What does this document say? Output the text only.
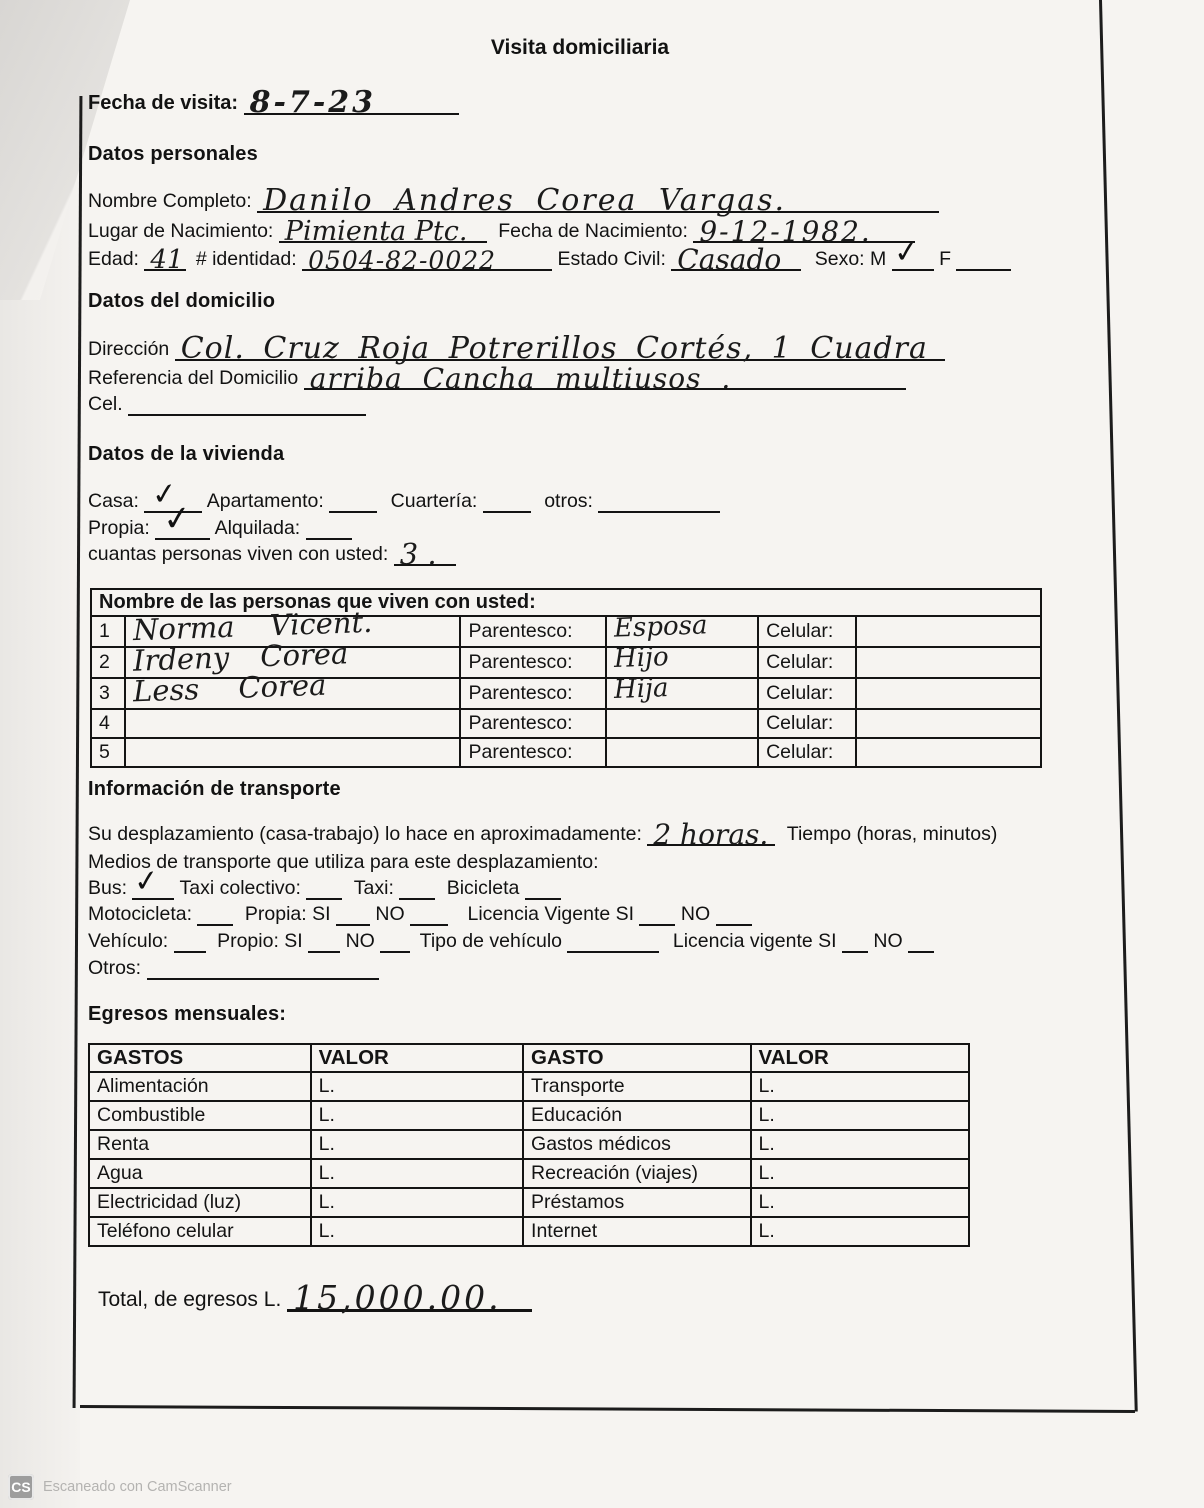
Visita domiciliaria
Fecha de visita: 8-7-23
Datos personales
Nombre Completo: Danilo Andres Corea Vargas.
Lugar de Nacimiento: Pimienta Ptc. Fecha de Nacimiento: 9-12-1982.
Edad: 41 # identidad: 0504-82-0022	Estado Civil: Casado Sexo: M ✓ F
Datos del domicilio
Dirección Col. Cruz Roja Potrerillos Cortés, 1 Cuadra
Referencia del Domicilio arriba Cancha multiusos .
Cel.
Datos de la vivienda
Casa: ✓ Apartamento:	Cuartería:	otros:
Propia: ✓ Alquilada:
cuantas personas viven con usted: 3 .
Nombre de las personas que viven con usted:					
1	Norma Vicent.	Parentesco:	Esposa	Celular:	
2	Irdeny Corea	Parentesco:	Hijo	Celular:	
3	Less Corea	Parentesco:	Hija	Celular:	
4		Parentesco:		Celular:	
5		Parentesco:		Celular:	
Información de transporte
Su desplazamiento (casa-trabajo) lo hace en aproximadamente: 2 horas. Tiempo (horas, minutos)
Medios de transporte que utiliza para este desplazamiento:
Bus: ✓ Taxi colectivo:	Taxi:	Bicicleta
Motocicleta:	Propia: SI NO	Licencia Vigente SI NO
Vehículo:	Propio: SI NO Tipo de vehículo	Licencia vigente SI NO
Otros:
Egresos mensuales:
GASTOS	VALOR	GASTO	VALOR
Alimentación	L.	Transporte	L.
Combustible	L.	Educación	L.
Renta	L.	Gastos médicos	L.
Agua	L.	Recreación (viajes)	L.
Electricidad (luz)	L.	Préstamos	L.
Teléfono celular	L.	Internet	L.
Total, de egresos L. 15,000.00.
CS Escaneado con CamScanner
